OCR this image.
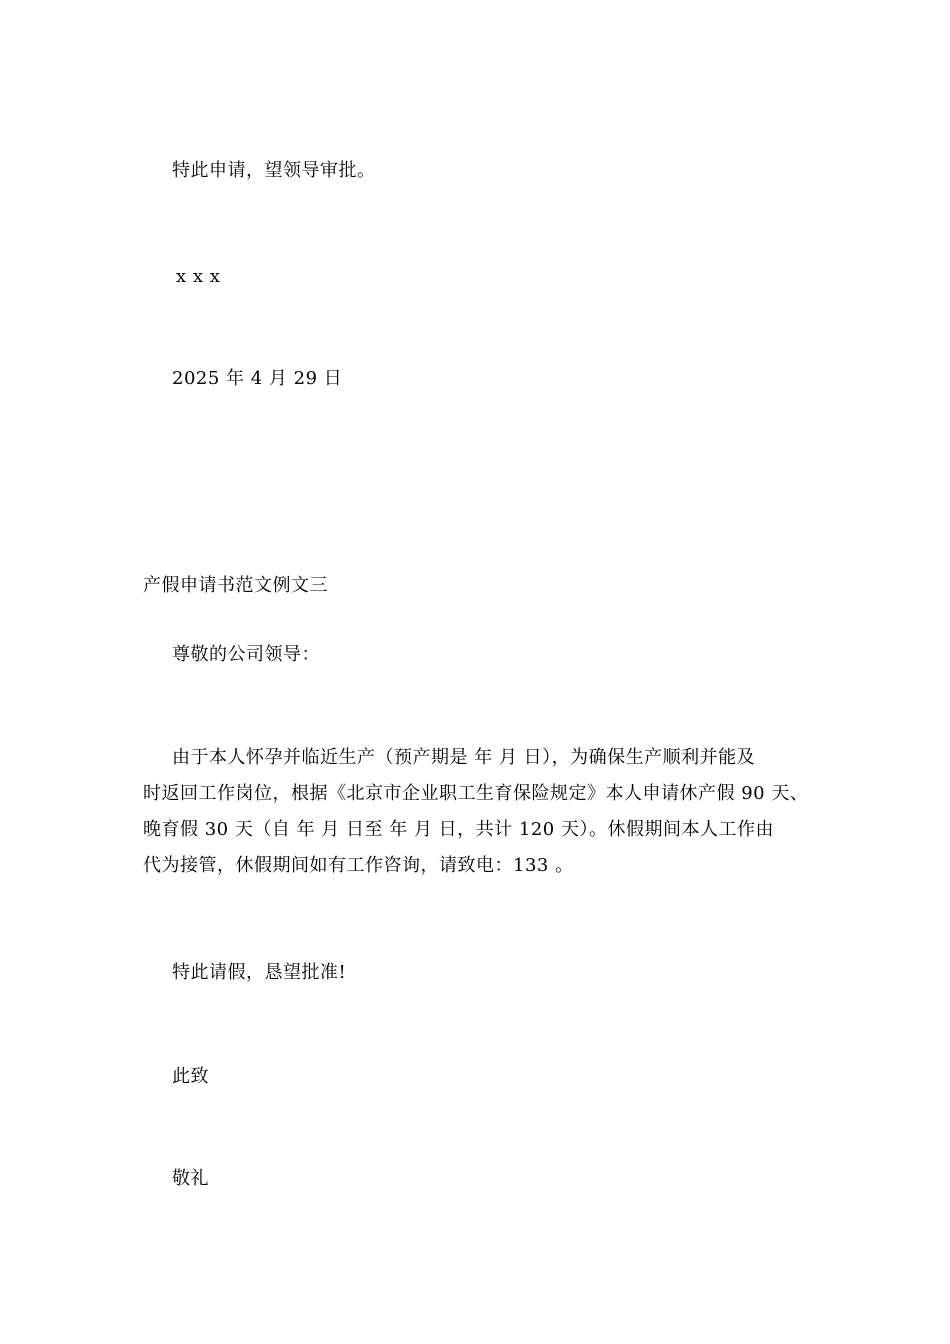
特此申请，望领导审批。
x x x
2025 年 4 月 29 日
产假申请书范文例文三
尊敬的公司领导：
由于本人怀孕并临近生产（预产期是 年 月 日），为确保生产顺利并能及
时返回工作岗位，根据《北京市企业职工生育保险规定》本人申请休产假 90 天、
晚育假 30 天（自 年 月 日至 年 月 日，共计 120 天）。休假期间本人工作由
代为接管，休假期间如有工作咨询，请致电：133 。
特此请假，恳望批准!
此致
敬礼
